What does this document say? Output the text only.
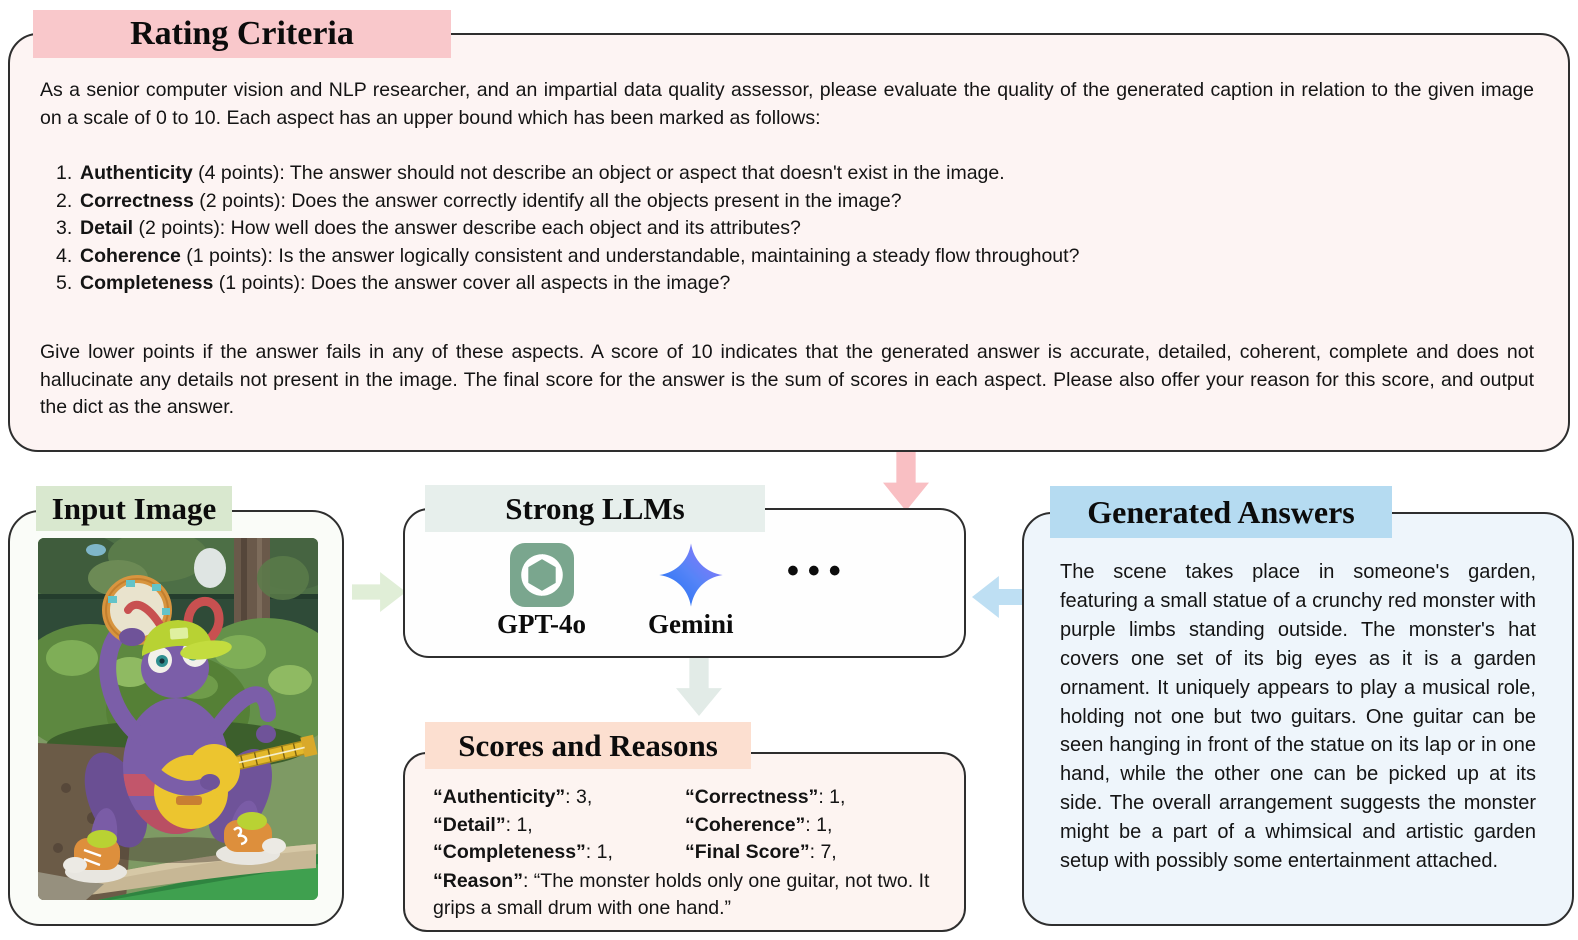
Rating Criteria

As a senior computer vision and NLP researcher, and an impartial data quality assessor, please evaluate the quality of the generated caption in relation to the given image on a scale of 0 to 10. Each aspect has an upper bound which has been marked as follows:

1. Authenticity (4 points): The answer should not describe an object or aspect that doesn't exist in the image.
2. Correctness (2 points): Does the answer correctly identify all the objects present in the image?
3. Detail (2 points): How well does the answer describe each object and its attributes?
4. Coherence (1 points): Is the answer logically consistent and understandable, maintaining a steady flow throughout?
5. Completeness (1 points): Does the answer cover all aspects in the image?

Give lower points if the answer fails in any of these aspects. A score of 10 indicates that the generated answer is accurate, detailed, coherent, complete and does not hallucinate any details not present in the image. The final score for the answer is the sum of scores in each aspect. Please also offer your reason for this score, and output the dict as the answer.

Input Image	Strong LLMs
GPT-4o Gemini
•••
Scores and Reasons
“Authenticity”: 3,	“Correctness”: 1,
“Detail”: 1,	“Coherence”: 1,
“Completeness”: 1,	“Final Score”: 7,

“Reason”: “The monster holds only one guitar, not two. It grips a small drum with one hand.”

Generated Answers

The scene takes place in someone's garden, featuring a small statue of a crunchy red monster with purple limbs standing outside. The monster's hat covers one set of its big eyes as it is a garden ornament. It uniquely appears to play a musical role, holding not one but two guitars. One guitar can be seen hanging in front of the statue on its lap or in one hand, while the other one can be picked up at its side. The overall arrangement suggests the monster might be a part of a whimsical and artistic garden setup with possibly some entertainment attached.
